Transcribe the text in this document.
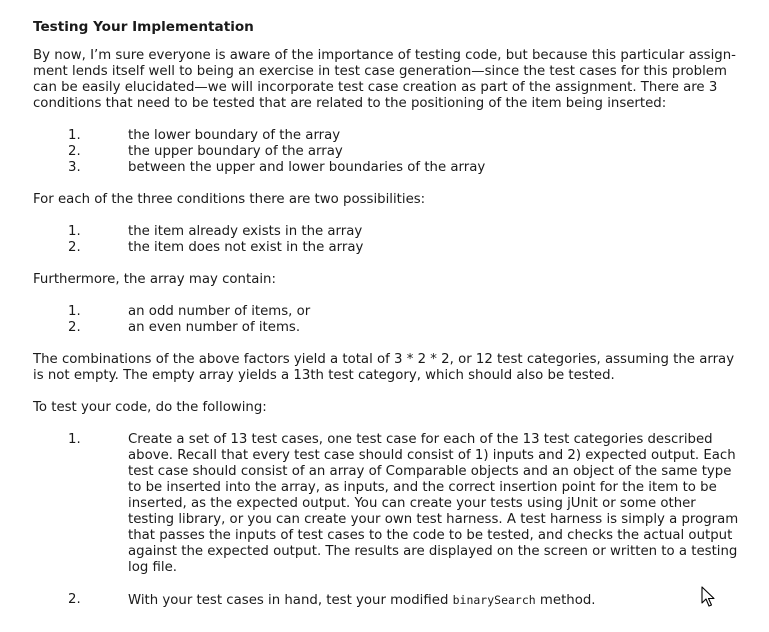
Testing Your Implementation

By now, I’m sure everyone is aware of the importance of testing code, but because this particular assign-
ment lends itself well to being an exercise in test case generation—since the test cases for this problem
can be easily elucidated—we will incorporate test case creation as part of the assignment. There are 3
conditions that need to be tested that are related to the positioning of the item being inserted:

1.	the lower boundary of the array
2.	the upper boundary of the array
3.	between the upper and lower boundaries of the array

For each of the three conditions there are two possibilities:

1.	the item already exists in the array
2.	the item does not exist in the array

Furthermore, the array may contain:

1.	an odd number of items, or
2.	an even number of items.

The combinations of the above factors yield a total of 3 * 2 * 2, or 12 test categories, assuming the array
is not empty. The empty array yields a 13th test category, which should also be tested.

To test your code, do the following:

1.	Create a set of 13 test cases, one test case for each of the 13 test categories described
above. Recall that every test case should consist of 1) inputs and 2) expected output. Each
test case should consist of an array of Comparable objects and an object of the same type
to be inserted into the array, as inputs, and the correct insertion point for the item to be
inserted, as the expected output. You can create your tests using jUnit or some other
testing library, or you can create your own test harness. A test harness is simply a program
that passes the inputs of test cases to the code to be tested, and checks the actual output
against the expected output. The results are displayed on the screen or written to a testing
log file.
2.	With your test cases in hand, test your modified binarySearch method.
